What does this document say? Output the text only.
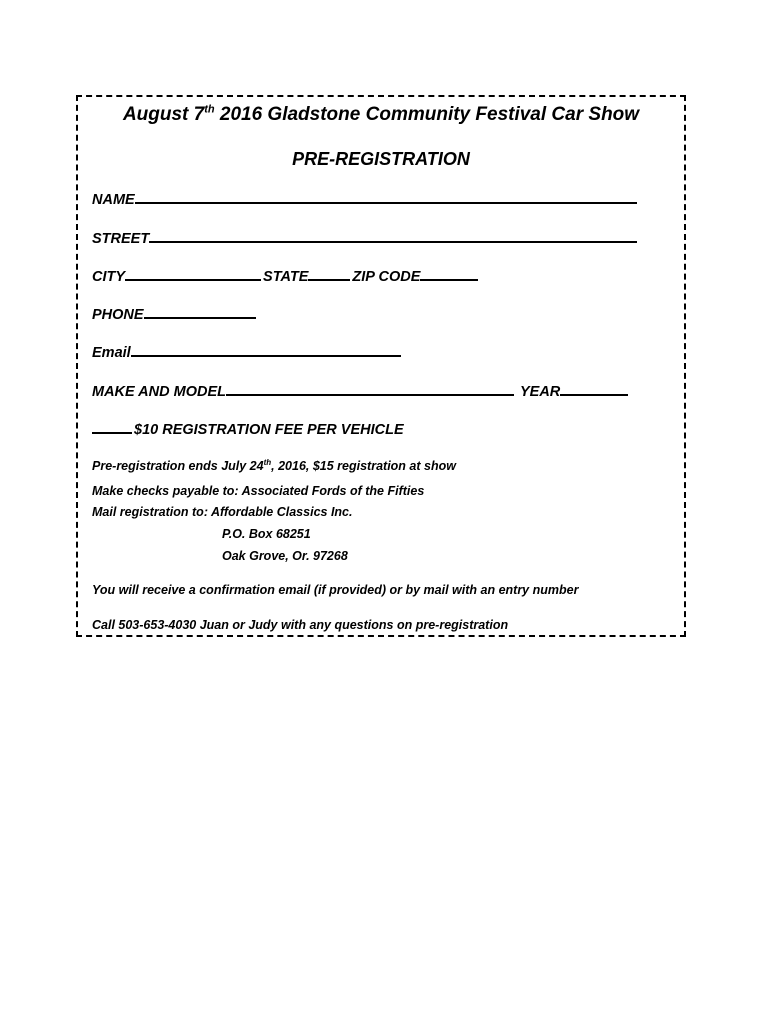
August 7th 2016 Gladstone Community Festival Car Show
PRE-REGISTRATION
NAME
STREET
CITY	STATE	ZIP CODE
PHONE
Email
MAKE AND MODEL	YEAR
$10 REGISTRATION FEE PER VEHICLE
Pre-registration ends July 24th, 2016, $15 registration at show
Make checks payable to: Associated Fords of the Fifties
Mail registration to: Affordable Classics Inc.
P.O. Box 68251
Oak Grove, Or. 97268
You will receive a confirmation email (if provided) or by mail with an entry number
Call 503-653-4030 Juan or Judy with any questions on pre-registration
